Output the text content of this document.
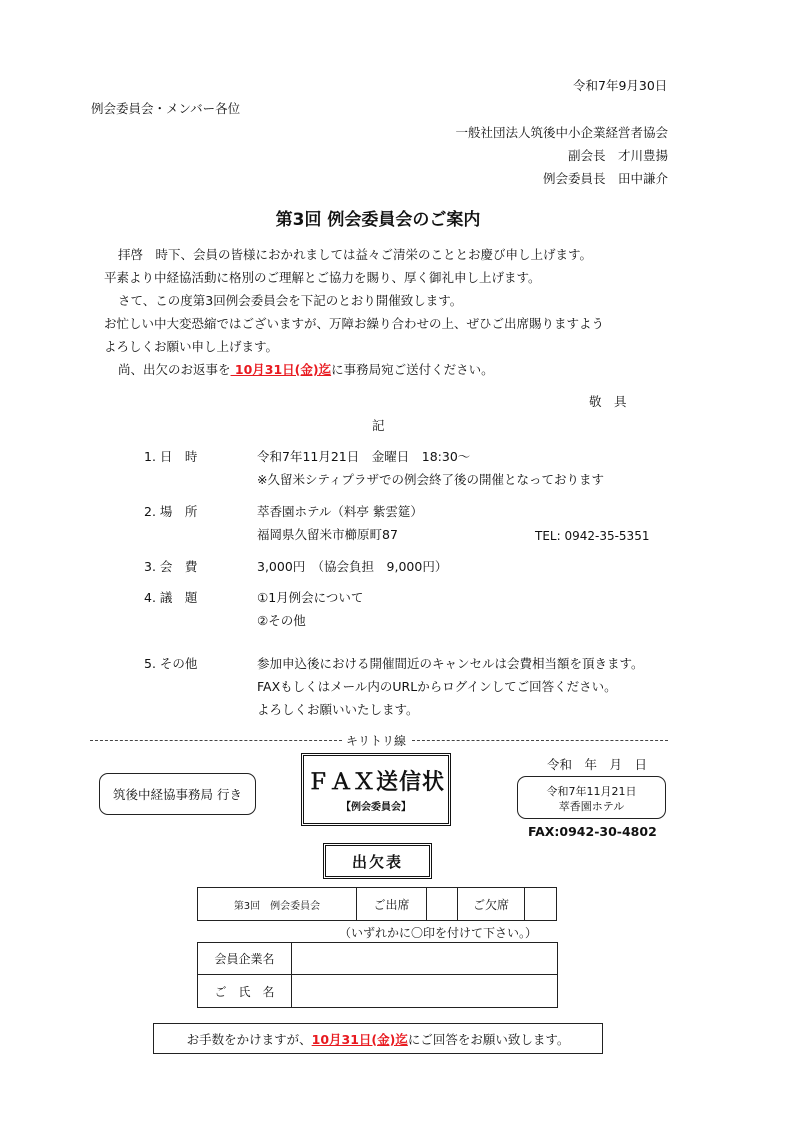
令和7年9月30日
例会委員会・メンバー各位
一般社団法人筑後中小企業経営者協会
副会長　才川豊揚
例会委員長　田中謙介
第3回 例会委員会のご案内
拝啓　時下、会員の皆様におかれましては益々ご清栄のこととお慶び申し上げます。
平素より中経協活動に格別のご理解とご協力を賜り、厚く御礼申し上げます。
さて、この度第3回例会委員会を下記のとおり開催致します。
お忙しい中大変恐縮ではございますが、万障お繰り合わせの上、ぜひご出席賜りますよう
よろしくお願い申し上げます。
尚、出欠のお返事を 10月31日(金)迄に事務局宛ご送付ください。
敬　具
記
1. 日　時	令和7年11月21日　金曜日　18:30～
※久留米シティプラザでの例会終了後の開催となっております
2. 場　所	萃香園ホテル（料亭 紫雲筵）
福岡県久留米市櫛原町87	TEL: 0942-35-5351
3. 会　費	3,000円　（協会負担　9,000円）
4. 議　題	①1月例会について
②その他
5. その他	参加申込後における開催間近のキャンセルは会費相当額を頂きます。
FAXもしくはメール内のURLからログインしてご回答ください。
よろしくお願いいたします。
キリトリ線
筑後中経協事務局 行き	ＦＡＸ送信状
【例会委員会】
令和　年　月　日
令和7年11月21日
萃香園ホテル
FAX:0942-30-4802
出欠表
第3回　例会委員会	ご出席	ご欠席
（いずれかに〇印を付けて下さい。）
会員企業名
ご　氏　名
お手数をかけますが、10月31日(金)迄にご回答をお願い致します。
